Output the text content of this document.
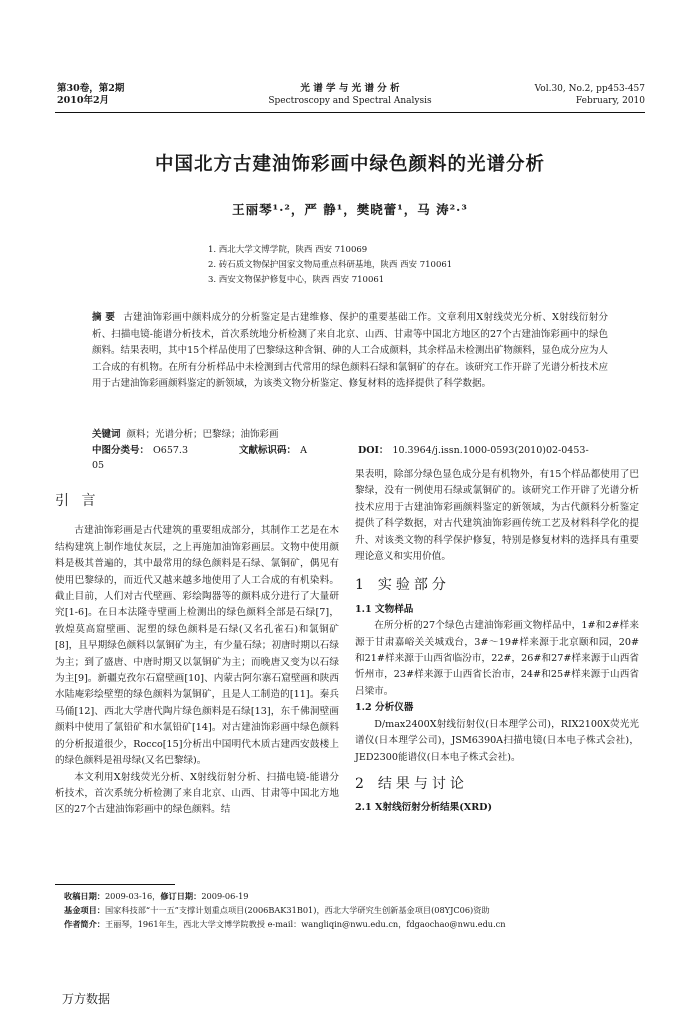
第30卷，第2期
2010年2月
光 谱 学 与 光 谱 分 析
Spectroscopy and Spectral Analysis
Vol.30, No.2, pp453-457
February, 2010
中国北方古建油饰彩画中绿色颜料的光谱分析
王丽琴¹·²，严 静¹，樊晓蕾¹，马 涛²·³
1. 西北大学文博学院，陕西 西安 710069
2. 砖石质文物保护国家文物局重点科研基地，陕西 西安 710061
3. 西安文物保护修复中心，陕西 西安 710061
摘 要 古建油饰彩画中颜料成分的分析鉴定是古建维修、保护的重要基础工作。文章利用X射线荧光分析、X射线衍射分析、扫描电镜-能谱分析技术，首次系统地分析检测了来自北京、山西、甘肃等中国北方地区的27个古建油饰彩画中的绿色颜料。结果表明，其中15个样品使用了巴黎绿这种含铜、砷的人工合成颜料，其余样品未检测出矿物颜料，显色成分应为人工合成的有机物。在所有分析样品中未检测到古代常用的绿色颜料石绿和氯铜矿的存在。该研究工作开辟了光谱分析技术应用于古建油饰彩画颜料鉴定的新领域，为该类文物分析鉴定、修复材料的选择提供了科学数据。
关键词 颜料；光谱分析；巴黎绿；油饰彩画
中图分类号： O657.3	文献标识码： A	DOI： 10.3964/j.issn.1000-0593(2010)02-0453-05
引 言

古建油饰彩画是古代建筑的重要组成部分，其制作工艺是在木结构建筑上制作地仗灰层，之上再施加油饰彩画层。文物中使用颜料是极其普遍的，其中最常用的绿色颜料是石绿、氯铜矿，偶见有使用巴黎绿的，而近代又越来越多地使用了人工合成的有机染料。截止目前，人们对古代壁画、彩绘陶器等的颜料成分进行了大量研究[1-6]。在日本法隆寺壁画上检测出的绿色颜料全部是石绿[7]，敦煌莫高窟壁画、泥塑的绿色颜料是石绿(又名孔雀石)和氯铜矿[8]，且早期绿色颜料以氯铜矿为主，有少量石绿；初唐时期以石绿为主；到了盛唐、中唐时期又以氯铜矿为主；而晚唐又变为以石绿为主[9]。新疆克孜尔石窟壁画[10]、内蒙古阿尔寨石窟壁画和陕西水陆庵彩绘壁塑的绿色颜料为氯铜矿，且是人工制造的[11]。秦兵马俑[12]、西北大学唐代陶片绿色颜料是石绿[13]，东千佛洞壁画颜料中使用了氯铅矿和水氯铅矿[14]。对古建油饰彩画中绿色颜料的分析报道很少，Rocco[15]分析出中国明代木质古建西安鼓楼上的绿色颜料是祖母绿(又名巴黎绿)。

本文利用X射线荧光分析、X射线衍射分析、扫描电镜-能谱分析技术，首次系统分析检测了来自北京、山西、甘肃等中国北方地区的27个古建油饰彩画中的绿色颜料。结

果表明，除部分绿色显色成分是有机物外，有15个样品都使用了巴黎绿，没有一例使用石绿或氯铜矿的。该研究工作开辟了光谱分析技术应用于古建油饰彩画颜料鉴定的新领域，为古代颜料分析鉴定提供了科学数据，对古代建筑油饰彩画传统工艺及材料科学化的提升、对该类文物的科学保护修复，特别是修复材料的选择具有重要理论意义和实用价值。
1 实验部分
1.1 文物样品

在所分析的27个绿色古建油饰彩画文物样品中，1#和2#样来源于甘肃嘉峪关关城戏台，3#～19#样来源于北京颐和园，20#和21#样来源于山西省临汾市，22#，26#和27#样来源于山西省忻州市，23#样来源于山西省长治市，24#和25#样来源于山西省吕梁市。

1.2 分析仪器

D/max2400X射线衍射仪(日本理学公司)，RIX2100X荧光光谱仪(日本理学公司)，JSM6390A扫描电镜(日本电子株式会社)，JED2300能谱仪(日本电子株式会社)。

2 结果与讨论
2.1 X射线衍射分析结果(XRD)
收稿日期：2009-03-16，修订日期：2009-06-19
基金项目：国家科技部“十一五”支撑计划重点项目(2006BAK31B01)，西北大学研究生创新基金项目(08YJC06)资助
作者简介：王丽琴，1961年生，西北大学文博学院教授 e-mail：wangliqin@nwu.edu.cn，fdgaochao@nwu.edu.cn
万方数据
